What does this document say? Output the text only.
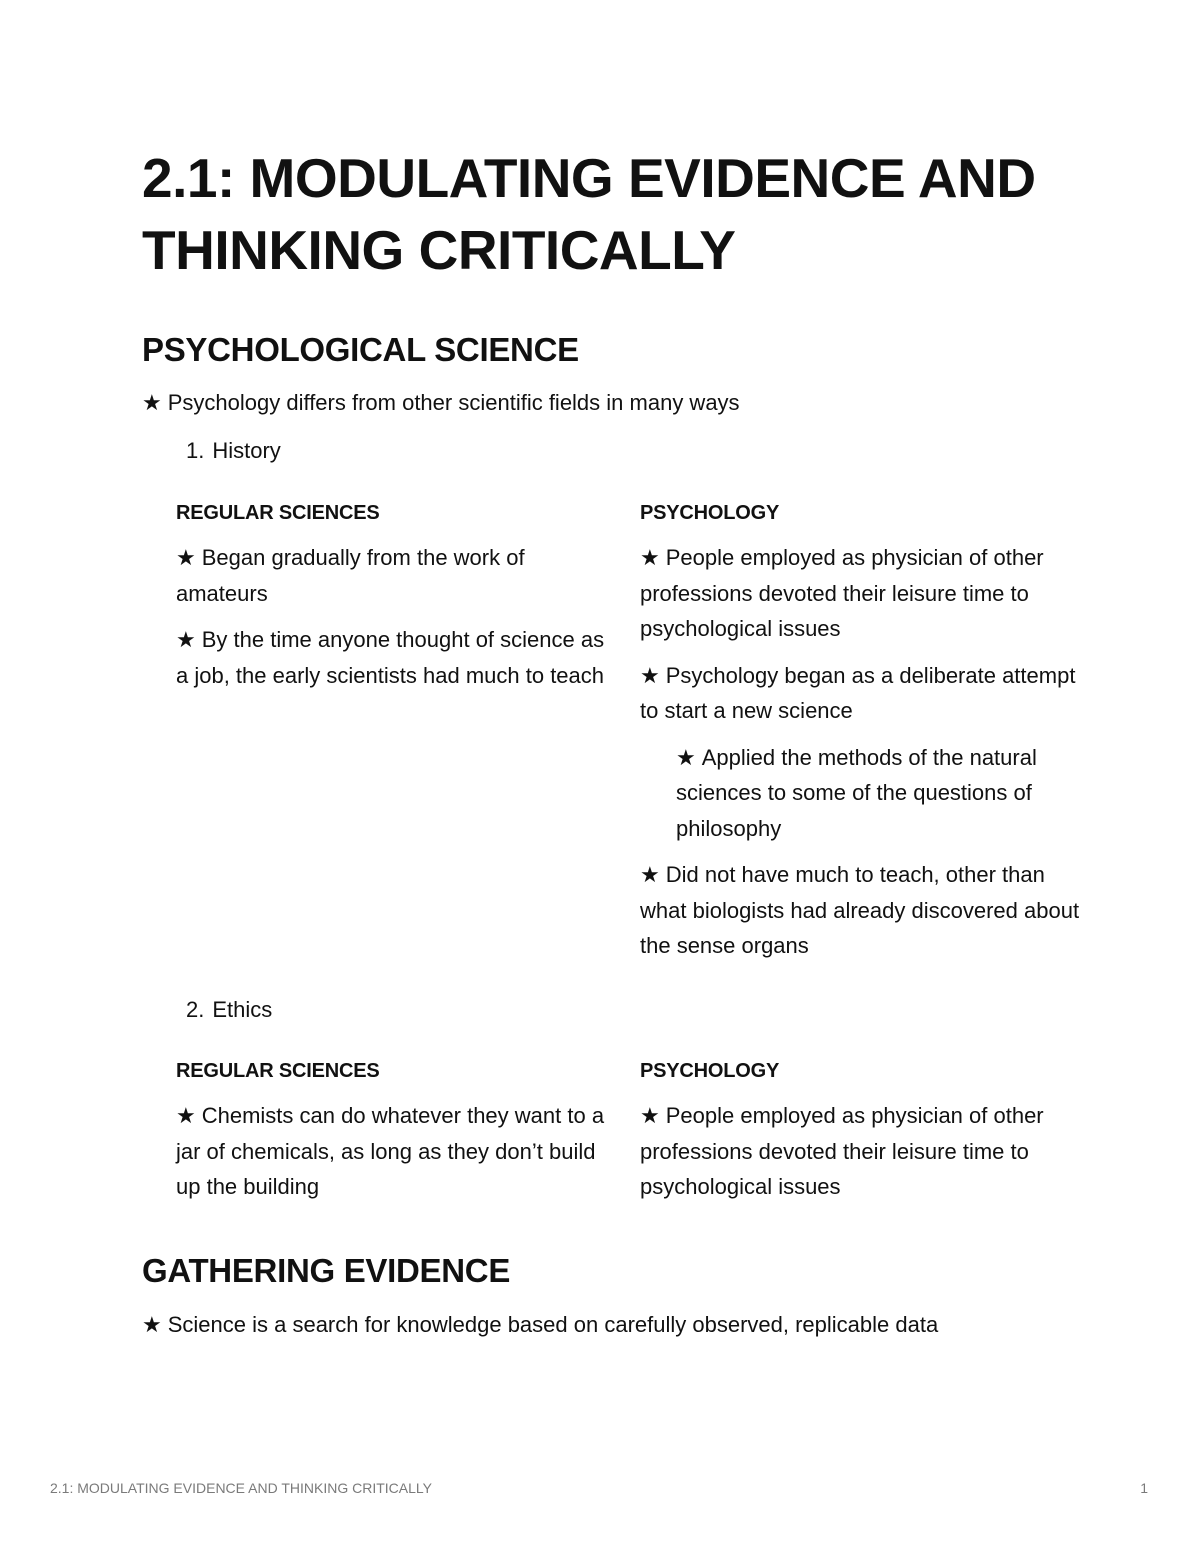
2.1: MODULATING EVIDENCE AND THINKING CRITICALLY
PSYCHOLOGICAL SCIENCE

★ Psychology differs from other scientific fields in many ways

1. History

REGULAR SCIENCES

★ Began gradually from the work of amateurs

★ By the time anyone thought of science as a job, the early scientists had much to teach

PSYCHOLOGY

★ People employed as physician of other professions devoted their leisure time to psychological issues

★ Psychology began as a deliberate attempt to start a new science

★ Applied the methods of the natural sciences to some of the questions of philosophy

★ Did not have much to teach, other than what biologists had already discovered about the sense organs

2. Ethics

REGULAR SCIENCES

★ Chemists can do whatever they want to a jar of chemicals, as long as they don’t build up the building

PSYCHOLOGY

★ People employed as physician of other professions devoted their leisure time to psychological issues

GATHERING EVIDENCE

★ Science is a search for knowledge based on carefully observed, replicable data

2.1: MODULATING EVIDENCE AND THINKING CRITICALLY	1
